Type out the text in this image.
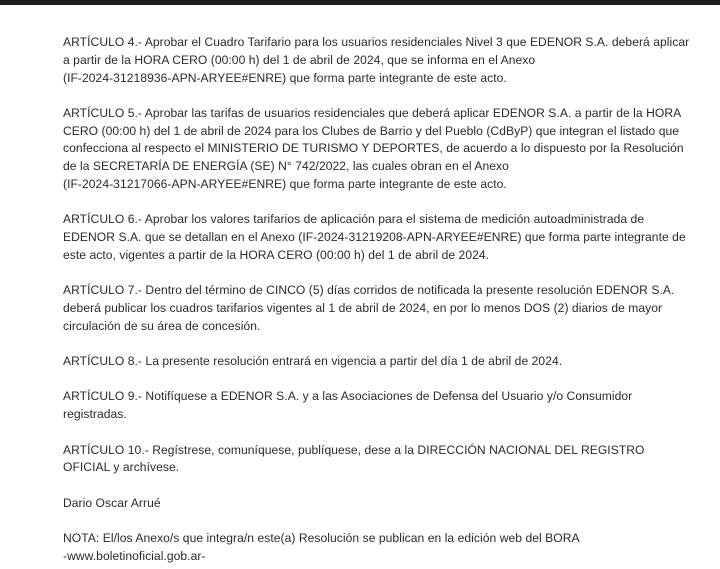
ARTÍCULO 4.- Aprobar el Cuadro Tarifario para los usuarios residenciales Nivel 3 que EDENOR S.A. deberá aplicar
a partir de la HORA CERO (00:00 h) del 1 de abril de 2024, que se informa en el Anexo
(IF-2024-31218936-APN-ARYEE#ENRE) que forma parte integrante de este acto.
ARTÍCULO 5.- Aprobar las tarifas de usuarios residenciales que deberá aplicar EDENOR S.A. a partir de la HORA
CERO (00:00 h) del 1 de abril de 2024 para los Clubes de Barrio y del Pueblo (CdByP) que integran el listado que
confecciona al respecto el MINISTERIO DE TURISMO Y DEPORTES, de acuerdo a lo dispuesto por la Resolución
de la SECRETARÍA DE ENERGÍA (SE) N° 742/2022, las cuales obran en el Anexo
(IF-2024-31217066-APN-ARYEE#ENRE) que forma parte integrante de este acto.
ARTÍCULO 6.- Aprobar los valores tarifarios de aplicación para el sistema de medición autoadministrada de
EDENOR S.A. que se detallan en el Anexo (IF-2024-31219208-APN-ARYEE#ENRE) que forma parte integrante de
este acto, vigentes a partir de la HORA CERO (00:00 h) del 1 de abril de 2024.
ARTÍCULO 7.- Dentro del término de CINCO (5) días corridos de notificada la presente resolución EDENOR S.A.
deberá publicar los cuadros tarifarios vigentes al 1 de abril de 2024, en por lo menos DOS (2) diarios de mayor
circulación de su área de concesión.
ARTÍCULO 8.- La presente resolución entrará en vigencia a partir del día 1 de abril de 2024.
ARTÍCULO 9.- Notifíquese a EDENOR S.A. y a las Asociaciones de Defensa del Usuario y/o Consumidor
registradas.
ARTÍCULO 10.- Regístrese, comuníquese, publíquese, dese a la DIRECCIÓN NACIONAL DEL REGISTRO
OFICIAL y archívese.
Dario Oscar Arrué
NOTA: El/los Anexo/s que integra/n este(a) Resolución se publican en la edición web del BORA
-www.boletinoficial.gob.ar-
